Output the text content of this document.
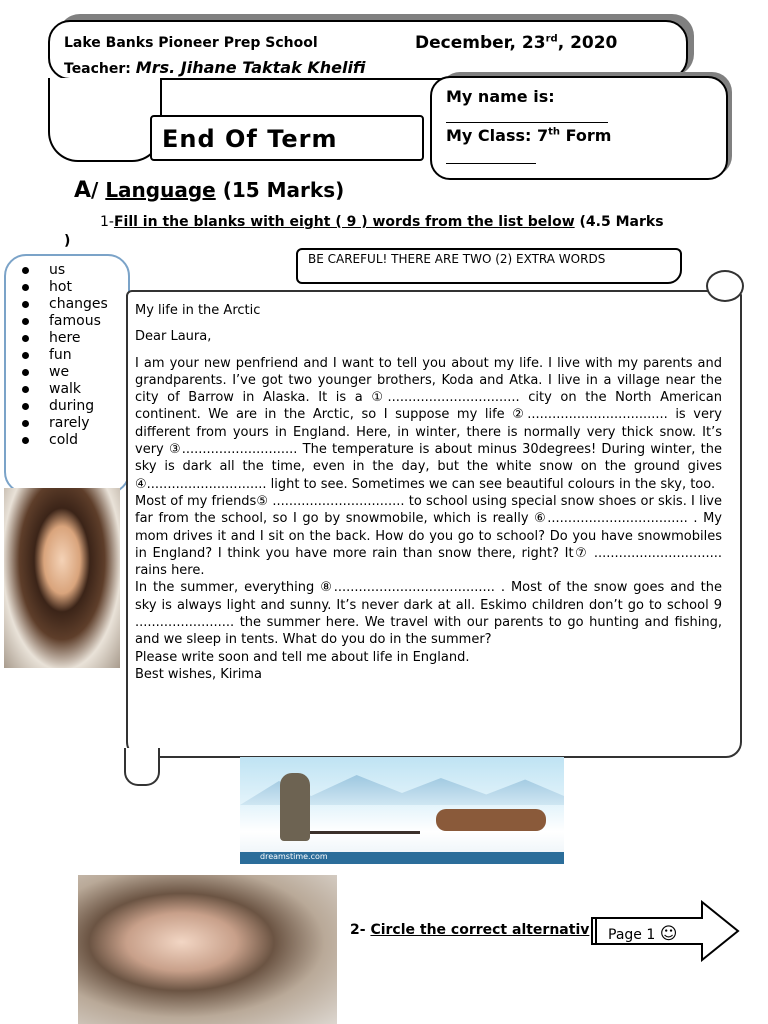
Lake Banks Pioneer Prep School	December, 23rd, 2020
Teacher: Mrs. Jihane Taktak Khelifi
End Of Term
My name is:
My Class: 7th Form
A/ Language (15 Marks)
1-Fill in the blanks with eight ( 9 ) words from the list below (4.5 Marks
)
BE CAREFUL! THERE ARE TWO (2) EXTRA WORDS
us
hot
changes
famous
here
fun
we
walk
during
rarely
cold

My life in the Arctic

Dear Laura,

I am your new penfriend and I want to tell you about my life. I live with my parents and grandparents. I’ve got two younger brothers, Koda and Atka. I live in a village near the city of Barrow in Alaska. It is a ①................................ city on the North American continent. We are in the Arctic, so I suppose my life ②.................................. is very different from yours in England. Here, in winter, there is normally very thick snow. It’s very ③............................ The temperature is about minus 30degrees! During winter, the sky is dark all the time, even in the day, but the white snow on the ground gives ④............................. light to see. Sometimes we can see beautiful colours in the sky, too.

Most of my friends⑤ ................................ to school using special snow shoes or skis. I live far from the school, so I go by snowmobile, which is really ⑥.................................. . My mom drives it and I sit on the back. How do you go to school? Do you have snowmobiles in England? I think you have more rain than snow there, right? It⑦ ............................... rains here.

In the summer, everything ⑧....................................... . Most of the snow goes and the sky is always light and sunny. It’s never dark at all. Eskimo children don’t go to school 9 ........................ the summer here. We travel with our parents to go hunting and fishing, and we sleep in tents. What do you do in the summer?

Please write soon and tell me about life in England.

Best wishes, Kirima

dreamstime.com
2- Circle the correct alternativ Page 1 ☺
